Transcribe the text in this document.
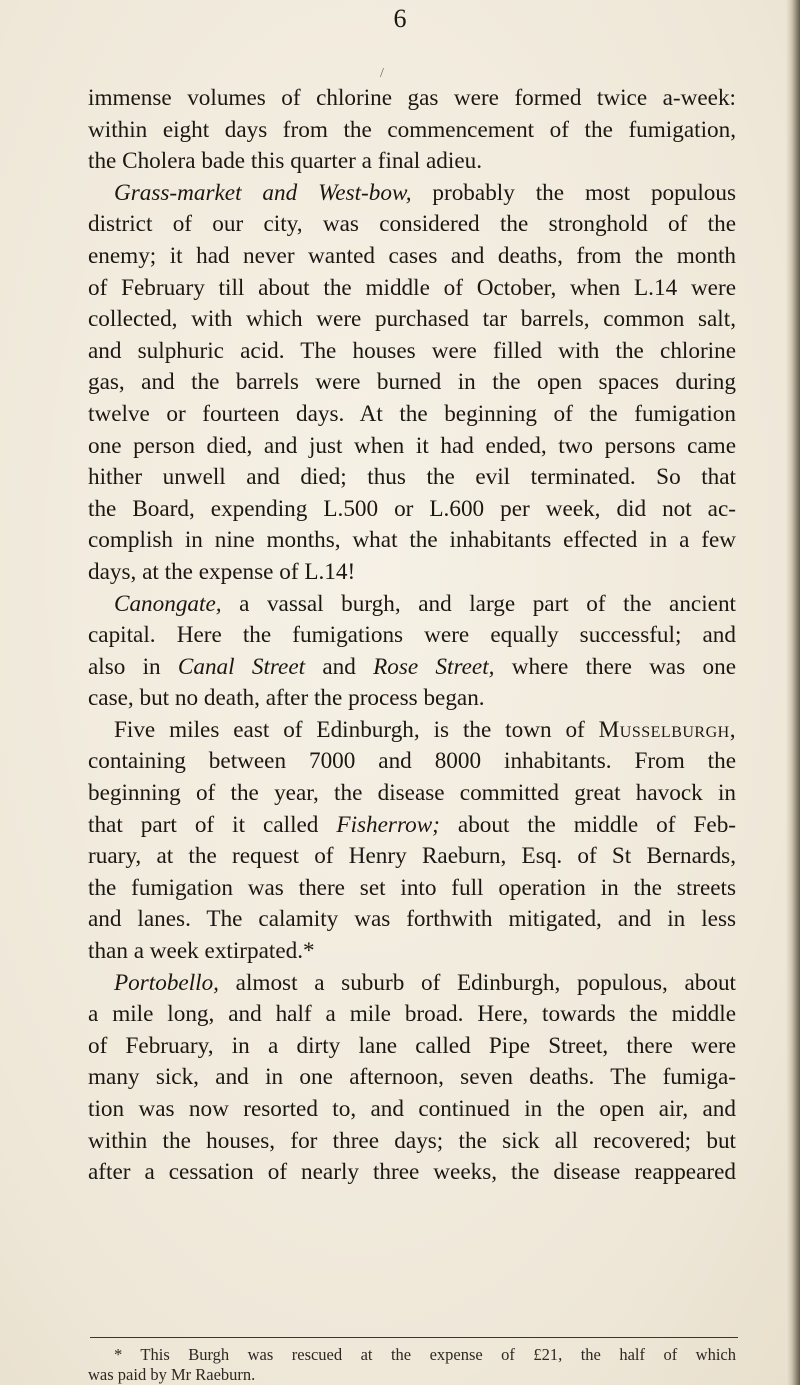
6
/
immense volumes of chlorine gas were formed twice a-week:
within eight days from the commencement of the fumigation,
the Cholera bade this quarter a final adieu.
Grass-market and West-bow, probably the most populous
district of our city, was considered the stronghold of the
enemy; it had never wanted cases and deaths, from the month
of February till about the middle of October, when L.14 were
collected, with which were purchased tar barrels, common salt,
and sulphuric acid. The houses were filled with the chlorine
gas, and the barrels were burned in the open spaces during
twelve or fourteen days. At the beginning of the fumigation
one person died, and just when it had ended, two persons came
hither unwell and died; thus the evil terminated. So that
the Board, expending L.500 or L.600 per week, did not ac-
complish in nine months, what the inhabitants effected in a few
days, at the expense of L.14!
Canongate, a vassal burgh, and large part of the ancient
capital. Here the fumigations were equally successful; and
also in Canal Street and Rose Street, where there was one
case, but no death, after the process began.
Five miles east of Edinburgh, is the town of Musselburgh,
containing between 7000 and 8000 inhabitants. From the
beginning of the year, the disease committed great havock in
that part of it called Fisherrow; about the middle of Feb-
ruary, at the request of Henry Raeburn, Esq. of St Bernards,
the fumigation was there set into full operation in the streets
and lanes. The calamity was forthwith mitigated, and in less
than a week extirpated.*
Portobello, almost a suburb of Edinburgh, populous, about
a mile long, and half a mile broad. Here, towards the middle
of February, in a dirty lane called Pipe Street, there were
many sick, and in one afternoon, seven deaths. The fumiga-
tion was now resorted to, and continued in the open air, and
within the houses, for three days; the sick all recovered; but
after a cessation of nearly three weeks, the disease reappeared
* This Burgh was rescued at the expense of £21, the half of which
was paid by Mr Raeburn.
